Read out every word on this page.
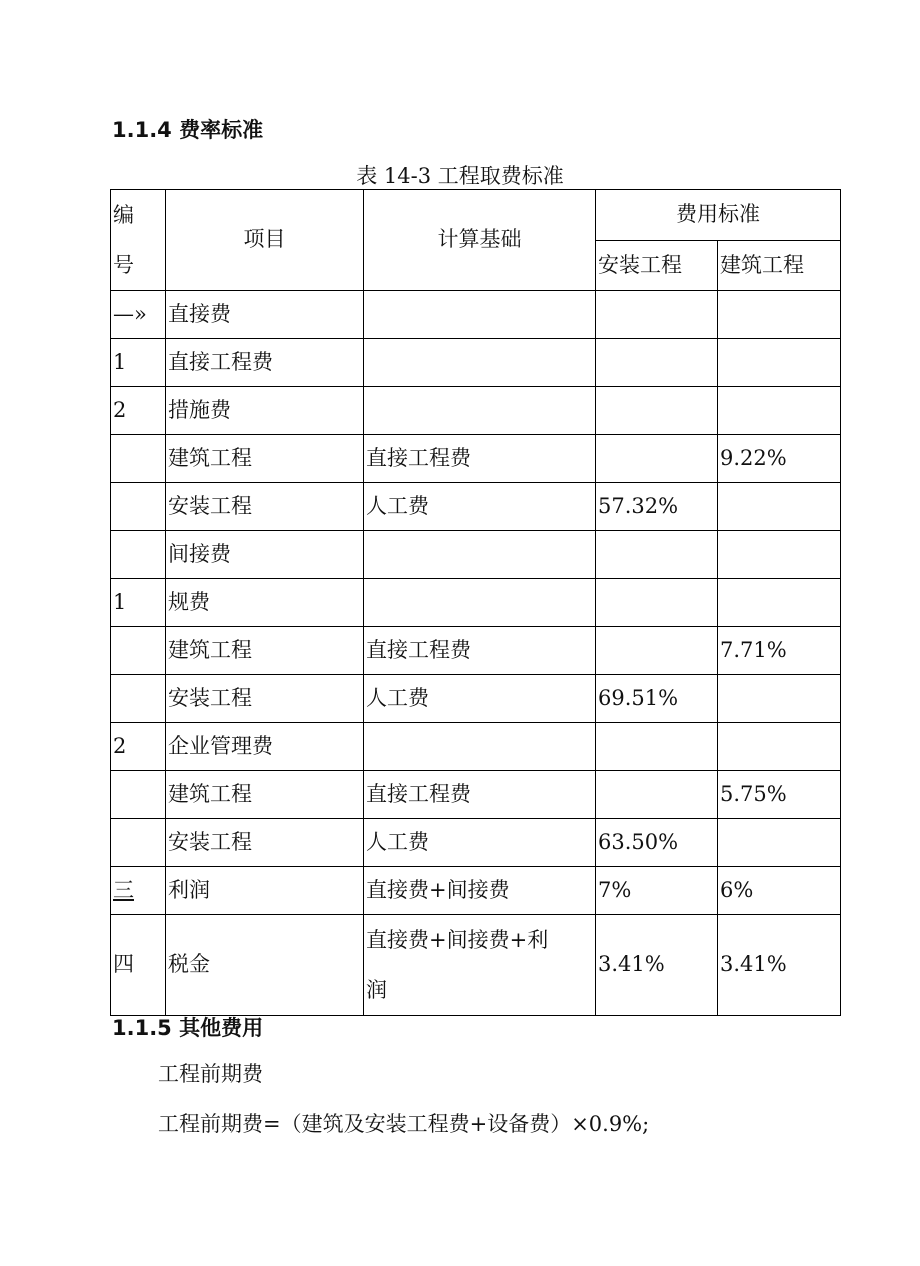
1.1.4 费率标准
表 14-3 工程取费标准
编
号	项目	计算基础	费用标准	
			安装工程	建筑工程
—»	直接费			
1	直接工程费			
2	措施费			
	建筑工程	直接工程费		9.22%
	安装工程	人工费	57.32%	
	间接费			
1	规费			
	建筑工程	直接工程费		7.71%
	安装工程	人工费	69.51%	
2	企业管理费			
	建筑工程	直接工程费		5.75%
	安装工程	人工费	63.50%	
三	利润	直接费+间接费	7%	6%
四	税金	直接费+间接费+利
润	3.41%	3.41%
1.1.5 其他费用
工程前期费
工程前期费=（建筑及安装工程费+设备费）×0.9%;
